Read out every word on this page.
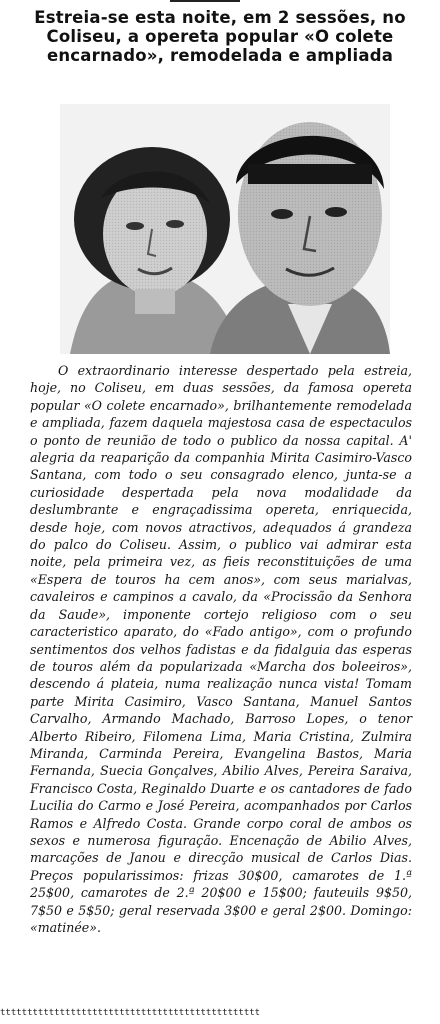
Estreia-se esta noite, em 2 sessões, no Coliseu, a opereta popular «O colete encarnado», remodelada e ampliada

O extraordinario interesse despertado pela estreia, hoje, no Coliseu, em duas sessões, da famosa opereta popular «O colete encarnado», brilhantemente remodelada e ampliada, fazem daquela majestosa casa de espectaculos o ponto de reunião de todo o publico da nossa capital. A' alegria da reaparição da companhia Mirita Casimiro-Vasco Santana, com todo o seu consagrado elenco, junta-se a curiosidade despertada pela nova modalidade da deslumbrante e engraçadissima opereta, enriquecida, desde hoje, com novos atractivos, adequados á grandeza do palco do Coliseu. Assim, o publico vai admirar esta noite, pela primeira vez, as fieis reconstituições de uma «Espera de touros ha cem anos», com seus marialvas, cavaleiros e campinos a cavalo, da «Procissão da Senhora da Saude», imponente cortejo religioso com o seu caracteristico aparato, do «Fado antigo», com o profundo sentimentos dos velhos fadistas e da fidalguia das esperas de touros além da popularizada «Marcha dos boleeiros», descendo á plateia, numa realização nunca vista! Tomam parte Mirita Casimiro, Vasco Santana, Manuel Santos Carvalho, Armando Machado, Barroso Lopes, o tenor Alberto Ribeiro, Filomena Lima, Maria Cristina, Zulmira Miranda, Carminda Pereira, Evangelina Bastos, Maria Fernanda, Suecia Gonçalves, Abilio Alves, Pereira Saraiva, Francisco Costa, Reginaldo Duarte e os cantadores de fado Lucilia do Carmo e José Pereira, acompanhados por Carlos Ramos e Alfredo Costa. Grande corpo coral de ambos os sexos e numerosa figuração. Encenação de Abilio Alves, marcações de Janou e direcção musical de Carlos Dias. Preços popularissimos: frizas 30$00, camarotes de 1.ª 25$00, camarotes de 2.ª 20$00 e 15$00; fauteuils 9$50, 7$50 e 5$50; geral reservada 3$00 e geral 2$00. Domingo: «matinée».

tttttttttttttttttttttttttttttttttttttttttttttttt
